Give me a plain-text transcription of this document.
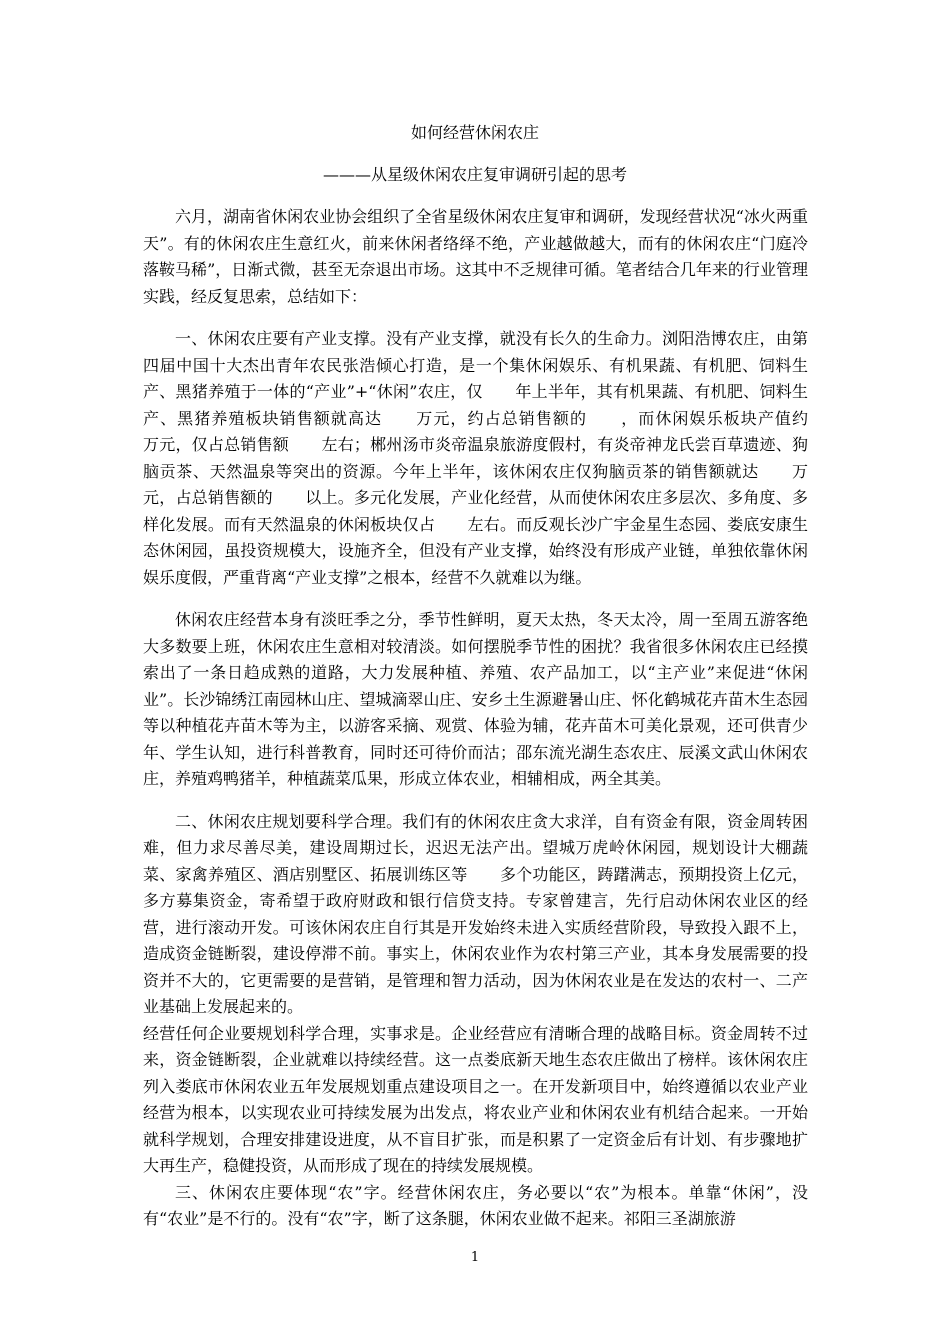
如何经营休闲农庄
———从星级休闲农庄复审调研引起的思考

六月，湖南省休闲农业协会组织了全省星级休闲农庄复审和调研，发现经营状况“冰火两重天”。有的休闲农庄生意红火，前来休闲者络绎不绝，产业越做越大，而有的休闲农庄“门庭冷落鞍马稀”，日渐式微，甚至无奈退出市场。这其中不乏规律可循。笔者结合几年来的行业管理实践，经反复思索，总结如下：

一、休闲农庄要有产业支撑。没有产业支撑，就没有长久的生命力。浏阳浩博农庄，由第四届中国十大杰出青年农民张浩倾心打造，是一个集休闲娱乐、有机果蔬、有机肥、饲料生产、黑猪养殖于一体的“产业”+“休闲”农庄，仅　　年上半年，其有机果蔬、有机肥、饲料生产、黑猪养殖板块销售额就高达　　万元，约占总销售额的　　，而休闲娱乐板块产值约　　万元，仅占总销售额　　左右；郴州汤市炎帝温泉旅游度假村，有炎帝神龙氏尝百草遗迹、狗脑贡茶、天然温泉等突出的资源。今年上半年，该休闲农庄仅狗脑贡茶的销售额就达　　万元，占总销售额的　　以上。多元化发展，产业化经营，从而使休闲农庄多层次、多角度、多样化发展。而有天然温泉的休闲板块仅占　　左右。而反观长沙广宇金星生态园、娄底安康生态休闲园，虽投资规模大，设施齐全，但没有产业支撑，始终没有形成产业链，单独依靠休闲娱乐度假，严重背离“产业支撑”之根本，经营不久就难以为继。

休闲农庄经营本身有淡旺季之分，季节性鲜明，夏天太热，冬天太冷，周一至周五游客绝大多数要上班，休闲农庄生意相对较清淡。如何摆脱季节性的困扰？我省很多休闲农庄已经摸索出了一条日趋成熟的道路，大力发展种植、养殖、农产品加工，以“主产业”来促进“休闲业”。长沙锦绣江南园林山庄、望城滴翠山庄、安乡土生源避暑山庄、怀化鹤城花卉苗木生态园等以种植花卉苗木等为主，以游客采摘、观赏、体验为辅，花卉苗木可美化景观，还可供青少年、学生认知，进行科普教育，同时还可待价而沽；邵东流光湖生态农庄、辰溪文武山休闲农庄，养殖鸡鸭猪羊，种植蔬菜瓜果，形成立体农业，相辅相成，两全其美。

二、休闲农庄规划要科学合理。我们有的休闲农庄贪大求洋，自有资金有限，资金周转困难，但力求尽善尽美，建设周期过长，迟迟无法产出。望城万虎岭休闲园，规划设计大棚蔬菜、家禽养殖区、酒店别墅区、拓展训练区等　　多个功能区，踌躇满志，预期投资上亿元，多方募集资金，寄希望于政府财政和银行信贷支持。专家曾建言，先行启动休闲农业区的经营，进行滚动开发。可该休闲农庄自行其是开发始终未进入实质经营阶段，导致投入跟不上，造成资金链断裂，建设停滞不前。事实上，休闲农业作为农村第三产业，其本身发展需要的投资并不大的，它更需要的是营销，是管理和智力活动，因为休闲农业是在发达的农村一、二产业基础上发展起来的。

经营任何企业要规划科学合理，实事求是。企业经营应有清晰合理的战略目标。资金周转不过来，资金链断裂，企业就难以持续经营。这一点娄底新天地生态农庄做出了榜样。该休闲农庄列入娄底市休闲农业五年发展规划重点建设项目之一。在开发新项目中，始终遵循以农业产业经营为根本，以实现农业可持续发展为出发点，将农业产业和休闲农业有机结合起来。一开始就科学规划，合理安排建设进度，从不盲目扩张，而是积累了一定资金后有计划、有步骤地扩大再生产，稳健投资，从而形成了现在的持续发展规模。

三、休闲农庄要体现“农”字。经营休闲农庄，务必要以“农”为根本。单靠“休闲”，没有“农业”是不行的。没有“农”字，断了这条腿，休闲农业做不起来。祁阳三圣湖旅游

1
